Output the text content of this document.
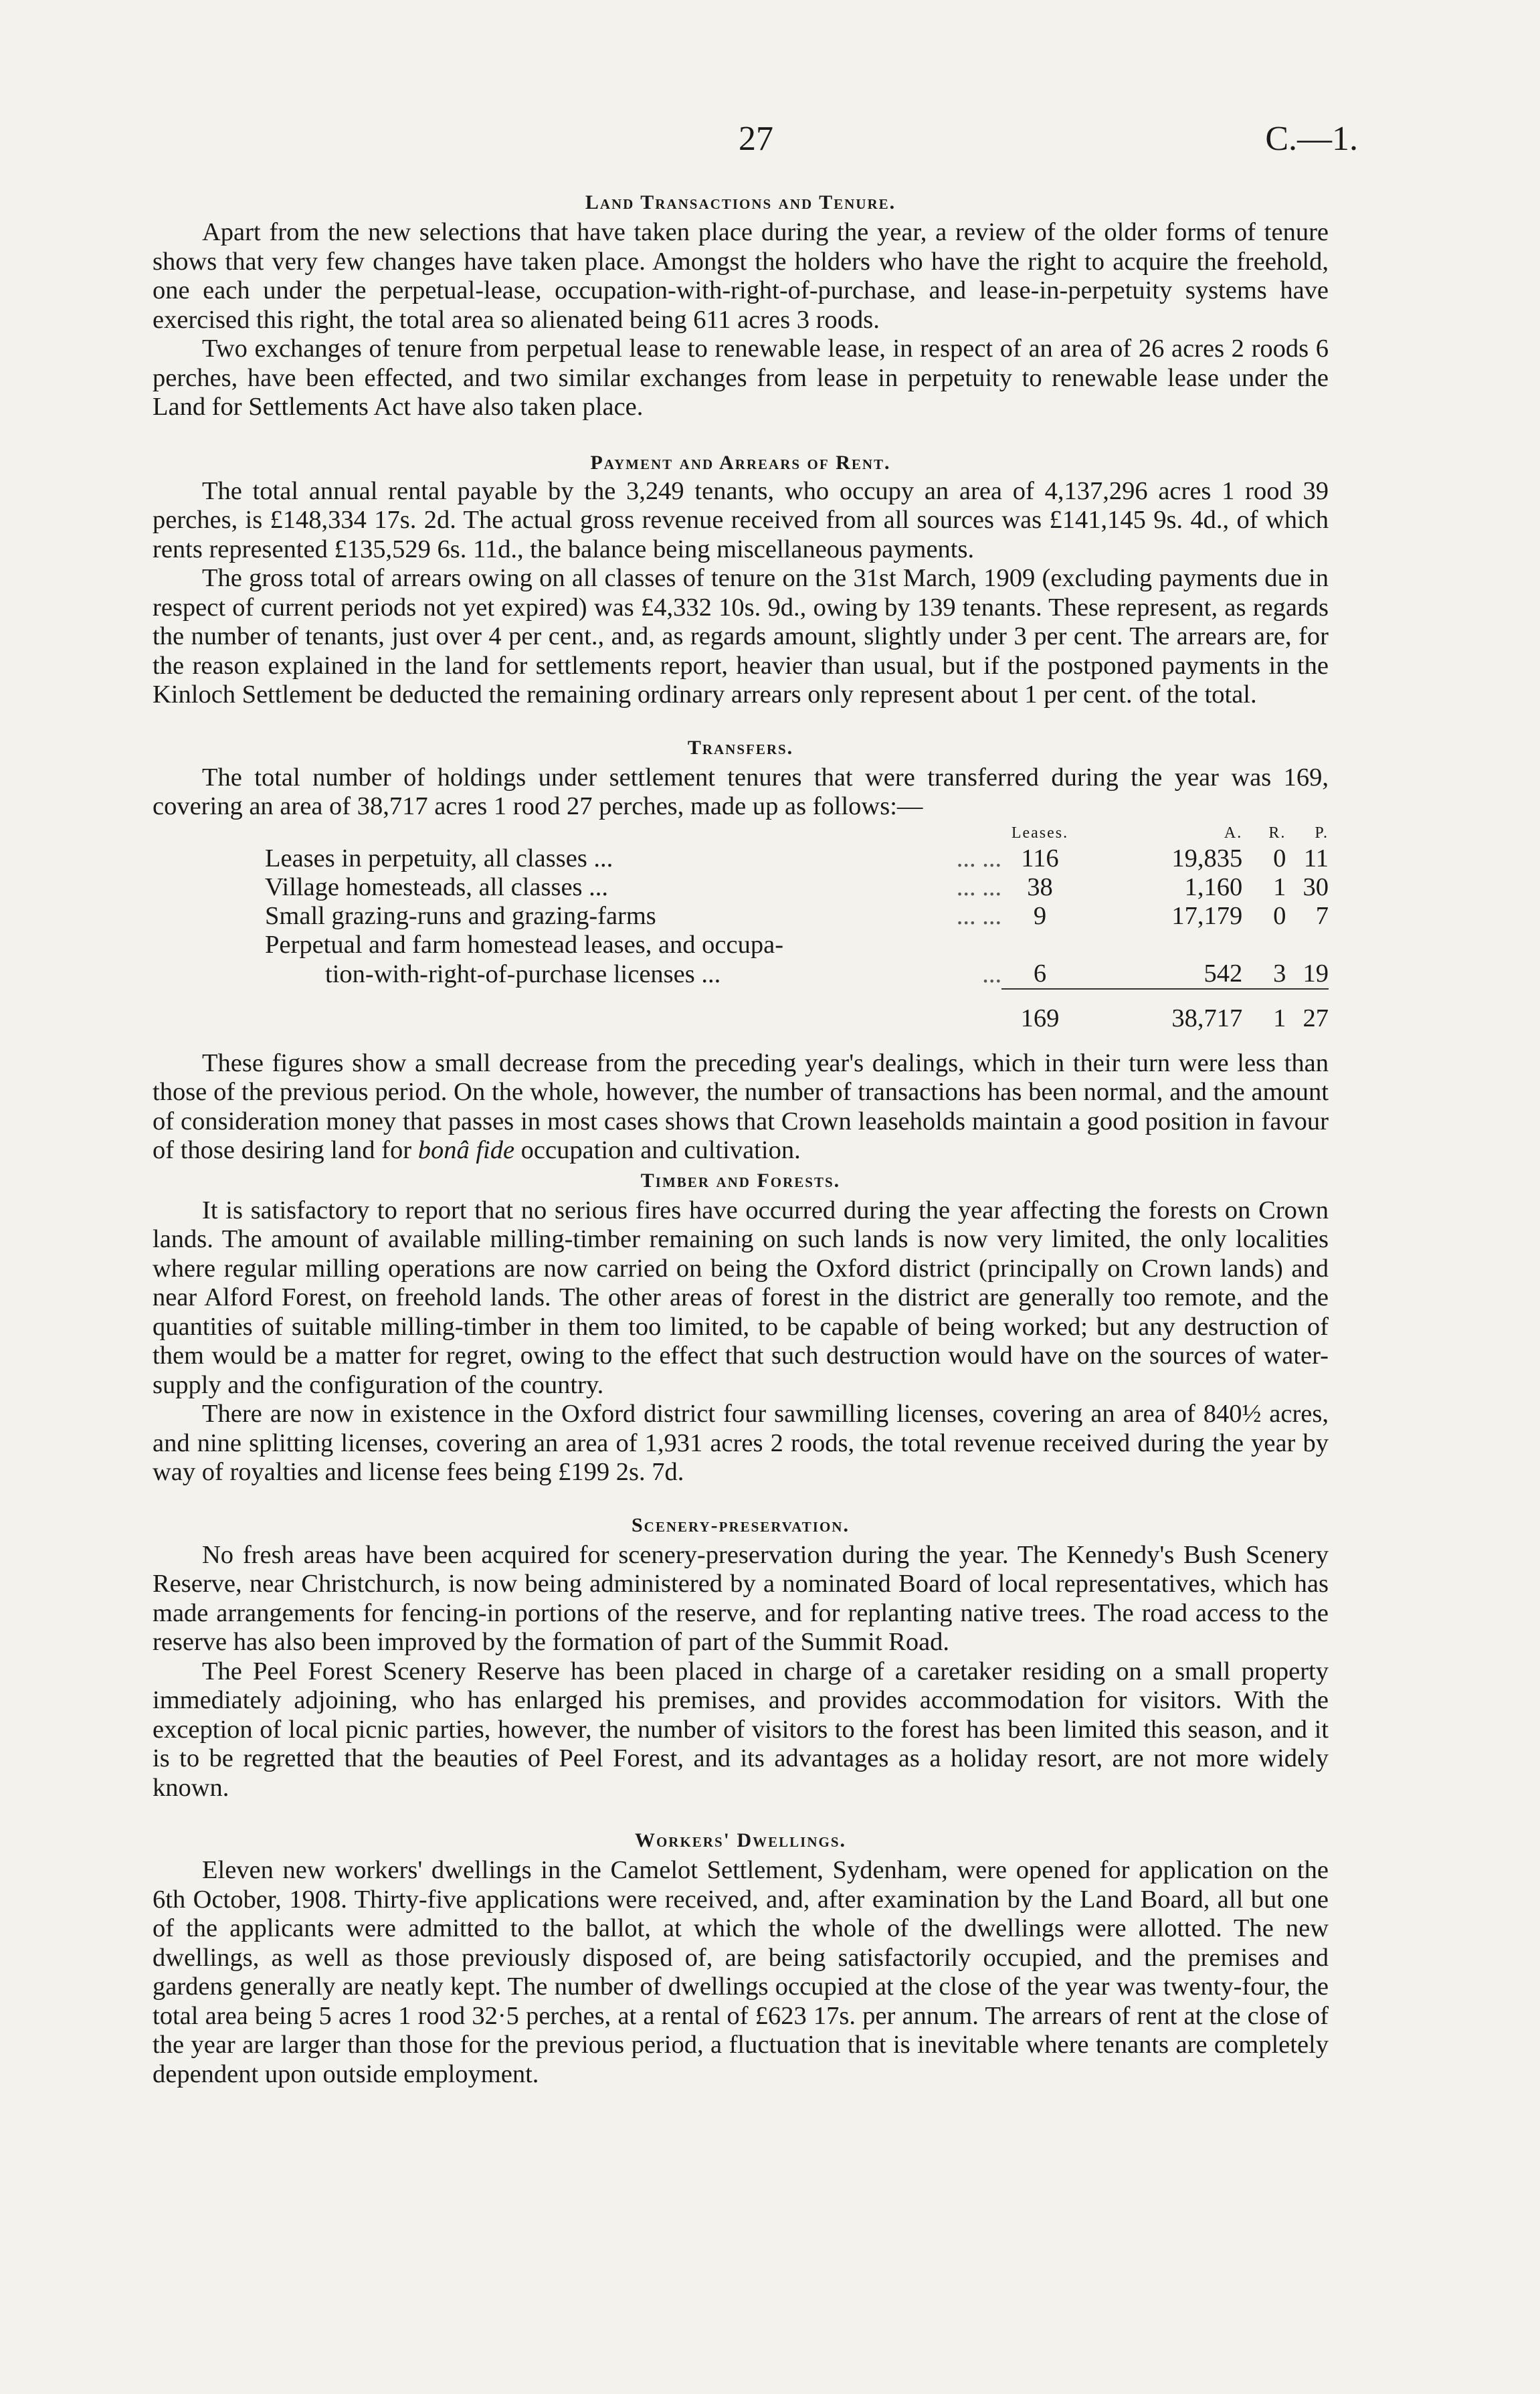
27	C.—1.
Land Transactions and Tenure.

Apart from the new selections that have taken place during the year, a review of the older forms of tenure shows that very few changes have taken place. Amongst the holders who have the right to acquire the freehold, one each under the perpetual-lease, occupation-with-right-of-purchase, and lease-in-perpetuity systems have exercised this right, the total area so alienated being 611 acres 3 roods.

Two exchanges of tenure from perpetual lease to renewable lease, in respect of an area of 26 acres 2 roods 6 perches, have been effected, and two similar exchanges from lease in perpetuity to renewable lease under the Land for Settlements Act have also taken place.

Payment and Arrears of Rent.

The total annual rental payable by the 3,249 tenants, who occupy an area of 4,137,296 acres 1 rood 39 perches, is £148,334 17s. 2d. The actual gross revenue received from all sources was £141,145 9s. 4d., of which rents represented £135,529 6s. 11d., the balance being miscellaneous payments.

The gross total of arrears owing on all classes of tenure on the 31st March, 1909 (excluding payments due in respect of current periods not yet expired) was £4,332 10s. 9d., owing by 139 tenants. These represent, as regards the number of tenants, just over 4 per cent., and, as regards amount, slightly under 3 per cent. The arrears are, for the reason explained in the land for settlements report, heavier than usual, but if the postponed payments in the Kinloch Settlement be deducted the remaining ordinary arrears only represent about 1 per cent. of the total.

Transfers.

The total number of holdings under settlement tenures that were transferred during the year was 169, covering an area of 38,717 acres 1 rood 27 perches, made up as follows:—

		Leases.	A.	R.	P.
Leases in perpetuity, all classes ...	... ...	116	19,835	0	11
Village homesteads, all classes ...	... ...	38	1,160	1	30
Small grazing-runs and grazing-farms	... ...	9	17,179	0	7
Perpetual and farm homestead leases, and occupa-					
tion-with-right-of-purchase licenses ...	...	6	542	3	19
		169	38,717	1	27

These figures show a small decrease from the preceding year's dealings, which in their turn were less than those of the previous period. On the whole, however, the number of transactions has been normal, and the amount of consideration money that passes in most cases shows that Crown leaseholds maintain a good position in favour of those desiring land for bonâ fide occupation and cultivation.

Timber and Forests.

It is satisfactory to report that no serious fires have occurred during the year affecting the forests on Crown lands. The amount of available milling-timber remaining on such lands is now very limited, the only localities where regular milling operations are now carried on being the Oxford district (principally on Crown lands) and near Alford Forest, on freehold lands. The other areas of forest in the district are generally too remote, and the quantities of suitable milling-timber in them too limited, to be capable of being worked; but any destruction of them would be a matter for regret, owing to the effect that such destruction would have on the sources of water-supply and the configuration of the country.

There are now in existence in the Oxford district four sawmilling licenses, covering an area of 840½ acres, and nine splitting licenses, covering an area of 1,931 acres 2 roods, the total revenue received during the year by way of royalties and license fees being £199 2s. 7d.

Scenery-preservation.

No fresh areas have been acquired for scenery-preservation during the year. The Kennedy's Bush Scenery Reserve, near Christchurch, is now being administered by a nominated Board of local representatives, which has made arrangements for fencing-in portions of the reserve, and for replanting native trees. The road access to the reserve has also been improved by the formation of part of the Summit Road.

The Peel Forest Scenery Reserve has been placed in charge of a caretaker residing on a small property immediately adjoining, who has enlarged his premises, and provides accommodation for visitors. With the exception of local picnic parties, however, the number of visitors to the forest has been limited this season, and it is to be regretted that the beauties of Peel Forest, and its advantages as a holiday resort, are not more widely known.

Workers' Dwellings.

Eleven new workers' dwellings in the Camelot Settlement, Sydenham, were opened for application on the 6th October, 1908. Thirty-five applications were received, and, after examination by the Land Board, all but one of the applicants were admitted to the ballot, at which the whole of the dwellings were allotted. The new dwellings, as well as those previously disposed of, are being satisfactorily occupied, and the premises and gardens generally are neatly kept. The number of dwellings occupied at the close of the year was twenty-four, the total area being 5 acres 1 rood 32·5 perches, at a rental of £623 17s. per annum. The arrears of rent at the close of the year are larger than those for the previous period, a fluctuation that is inevitable where tenants are completely dependent upon outside employment.
